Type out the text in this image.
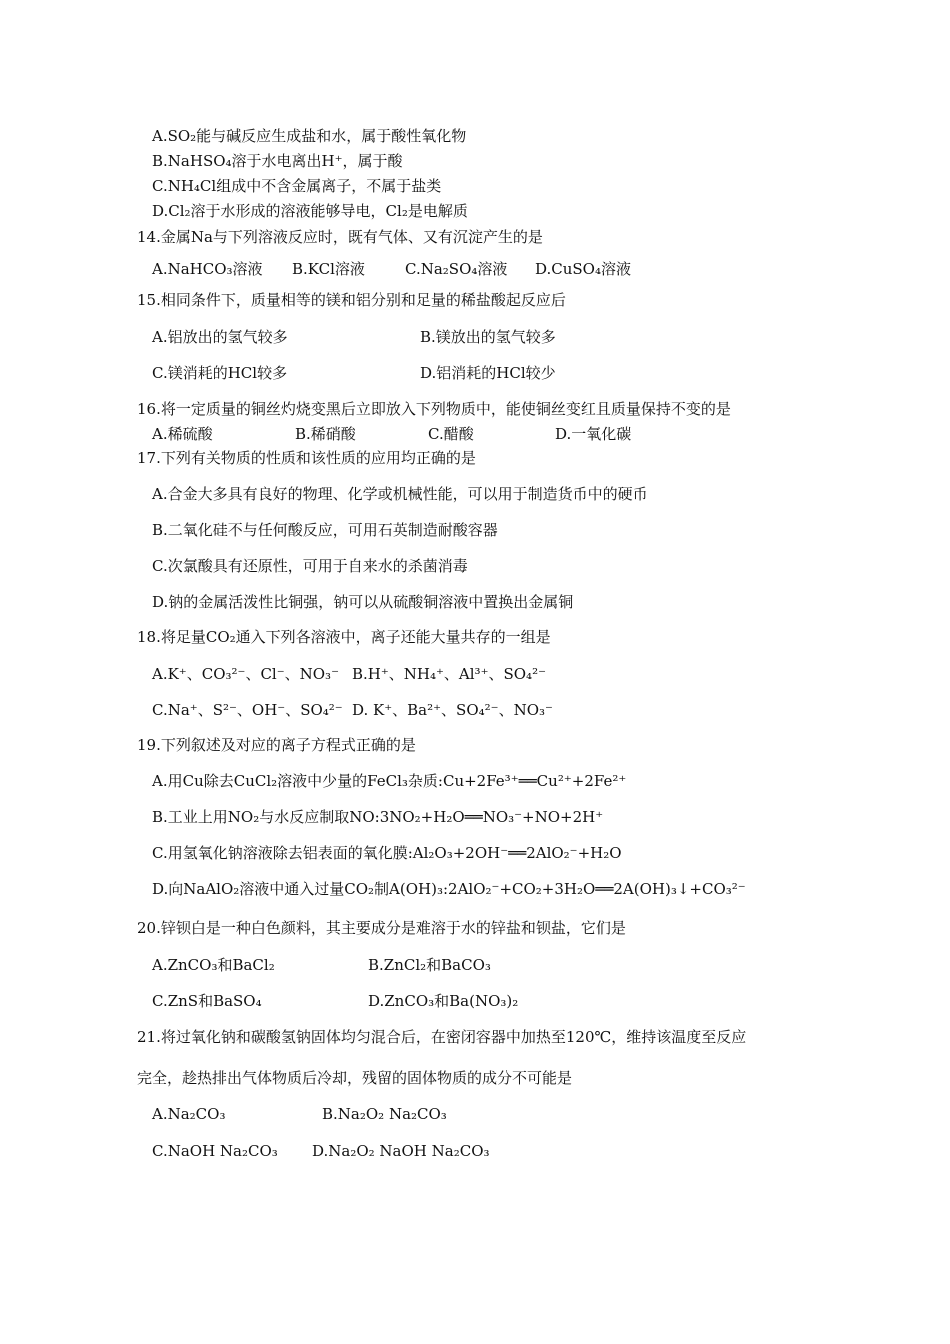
A.SO₂能与碱反应生成盐和水，属于酸性氧化物
B.NaHSO₄溶于水电离出H⁺，属于酸
C.NH₄Cl组成中不含金属离子，不属于盐类
D.Cl₂溶于水形成的溶液能够导电，Cl₂是电解质
14.金属Na与下列溶液反应时，既有气体、又有沉淀产生的是
A.NaHCO₃溶液 B.KCl溶液	C.Na₂SO₄溶液 D.CuSO₄溶液
15.相同条件下，质量相等的镁和铝分别和足量的稀盐酸起反应后
A.铝放出的氢气较多	B.镁放出的氢气较多
C.镁消耗的HCl较多	D.铝消耗的HCl较少
16.将一定质量的铜丝灼烧变黑后立即放入下列物质中，能使铜丝变红且质量保持不变的是
A.稀硫酸	B.稀硝酸	C.醋酸	D.一氧化碳
17.下列有关物质的性质和该性质的应用均正确的是
A.合金大多具有良好的物理、化学或机械性能，可以用于制造货币中的硬币
B.二氧化硅不与任何酸反应，可用石英制造耐酸容器
C.次氯酸具有还原性，可用于自来水的杀菌消毒
D.钠的金属活泼性比铜强，钠可以从硫酸铜溶液中置换出金属铜
18.将足量CO₂通入下列各溶液中，离子还能大量共存的一组是
A.K⁺、CO₃²⁻、Cl⁻、NO₃⁻ B.H⁺、NH₄⁺、Al³⁺、SO₄²⁻
C.Na⁺、S²⁻、OH⁻、SO₄²⁻ D. K⁺、Ba²⁺、SO₄²⁻、NO₃⁻
19.下列叙述及对应的离子方程式正确的是
A.用Cu除去CuCl₂溶液中少量的FeCl₃杂质:Cu+2Fe³⁺══Cu²⁺+2Fe²⁺
B.工业上用NO₂与水反应制取NO:3NO₂+H₂O══NO₃⁻+NO+2H⁺
C.用氢氧化钠溶液除去铝表面的氧化膜:Al₂O₃+2OH⁻══2AlO₂⁻+H₂O
D.向NaAlO₂溶液中通入过量CO₂制A(OH)₃:2AlO₂⁻+CO₂+3H₂O══2A(OH)₃↓+CO₃²⁻
20.锌钡白是一种白色颜料，其主要成分是难溶于水的锌盐和钡盐，它们是
A.ZnCO₃和BaCl₂	B.ZnCl₂和BaCO₃
C.ZnS和BaSO₄	D.ZnCO₃和Ba(NO₃)₂
21.将过氧化钠和碳酸氢钠固体均匀混合后，在密闭容器中加热至120℃，维持该温度至反应
完全，趁热排出气体物质后冷却，残留的固体物质的成分不可能是
A.Na₂CO₃	B.Na₂O₂ Na₂CO₃
C.NaOH Na₂CO₃ D.Na₂O₂ NaOH Na₂CO₃
